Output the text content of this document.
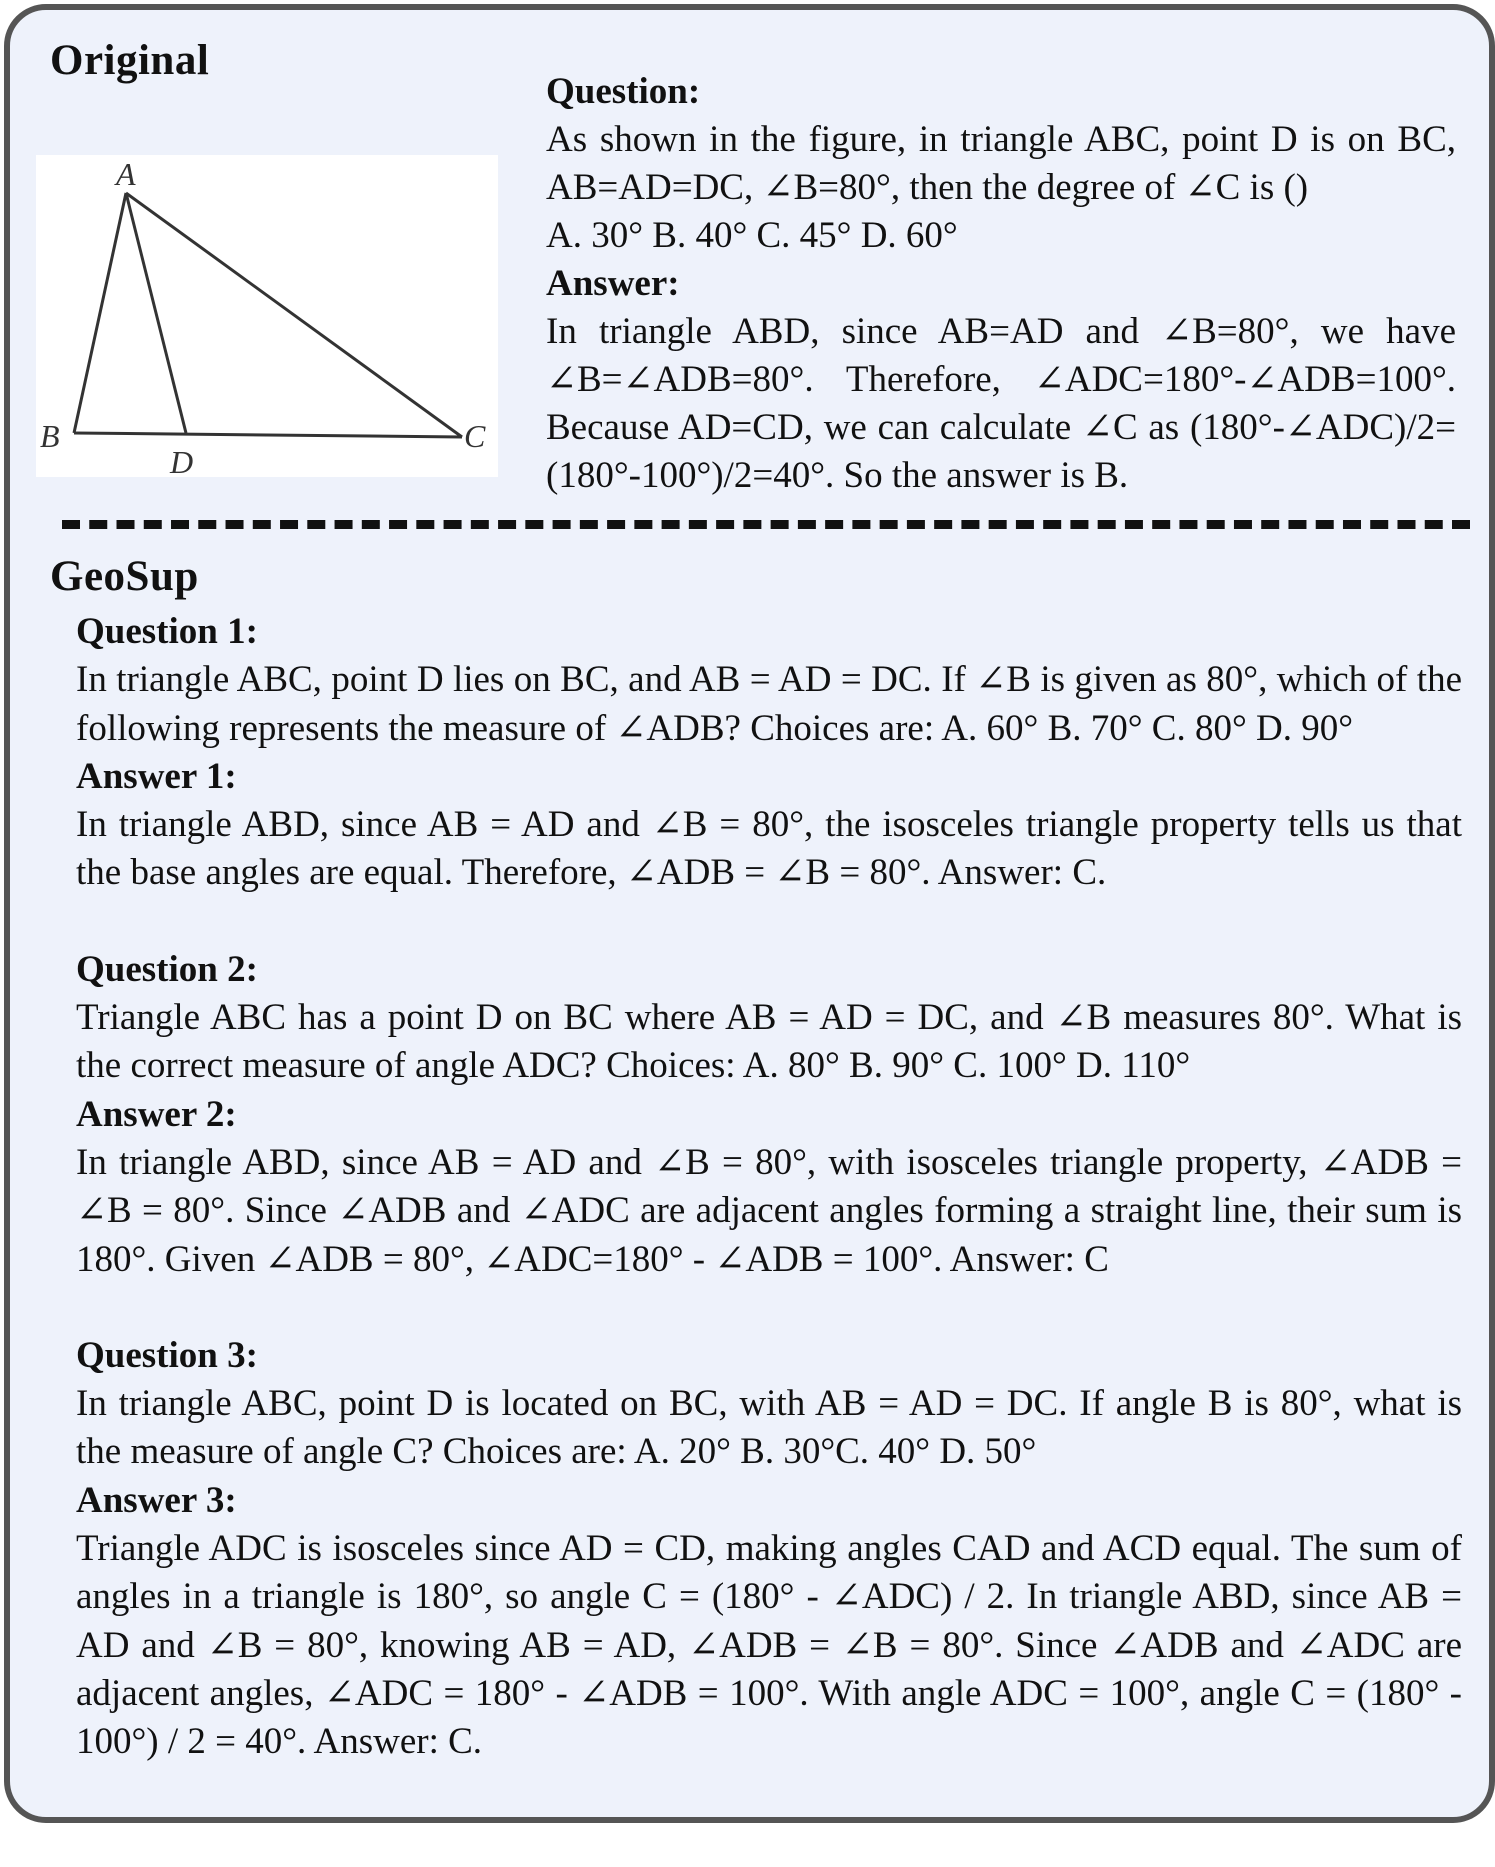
Original
A
B	C
D

Question:

As shown in the figure, in triangle ABC, point D is on BC, AB=AD=DC, ∠B=80°, then the degree of ∠C is ()

A. 30° B. 40° C. 45° D. 60°

Answer:

In triangle ABD, since AB=AD and ∠B=80°, we have ∠B=∠ADB=80°. Therefore, ∠ADC=180°-∠ADB=100°. Because AD=CD, we can calculate ∠C as (180°-∠ADC)/2=(180°-100°)/2=40°. So the answer is B.

GeoSup

Question 1:

In triangle ABC, point D lies on BC, and AB = AD = DC. If ∠B is given as 80°, which of the following represents the measure of ∠ADB? Choices are: A. 60° B. 70° C. 80° D. 90°

Answer 1:

In triangle ABD, since AB = AD and ∠B = 80°, the isosceles triangle property tells us that the base angles are equal. Therefore, ∠ADB = ∠B = 80°. Answer: C.

Question 2:

Triangle ABC has a point D on BC where AB = AD = DC, and ∠B measures 80°. What is the correct measure of angle ADC? Choices: A. 80° B. 90° C. 100° D. 110°

Answer 2:

In triangle ABD, since AB = AD and ∠B = 80°, with isosceles triangle property, ∠ADB = ∠B = 80°. Since ∠ADB and ∠ADC are adjacent angles forming a straight line, their sum is 180°. Given ∠ADB = 80°, ∠ADC=180° - ∠ADB = 100°. Answer: C

Question 3:

In triangle ABC, point D is located on BC, with AB = AD = DC. If angle B is 80°, what is the measure of angle C? Choices are: A. 20° B. 30°C. 40° D. 50°

Answer 3:

Triangle ADC is isosceles since AD = CD, making angles CAD and ACD equal. The sum of angles in a triangle is 180°, so angle C = (180° - ∠ADC) / 2. In triangle ABD, since AB = AD and ∠B = 80°, knowing AB = AD, ∠ADB = ∠B = 80°. Since ∠ADB and ∠ADC are adjacent angles, ∠ADC = 180° - ∠ADB = 100°. With angle ADC = 100°, angle C = (180° - 100°) / 2 = 40°. Answer: C.
